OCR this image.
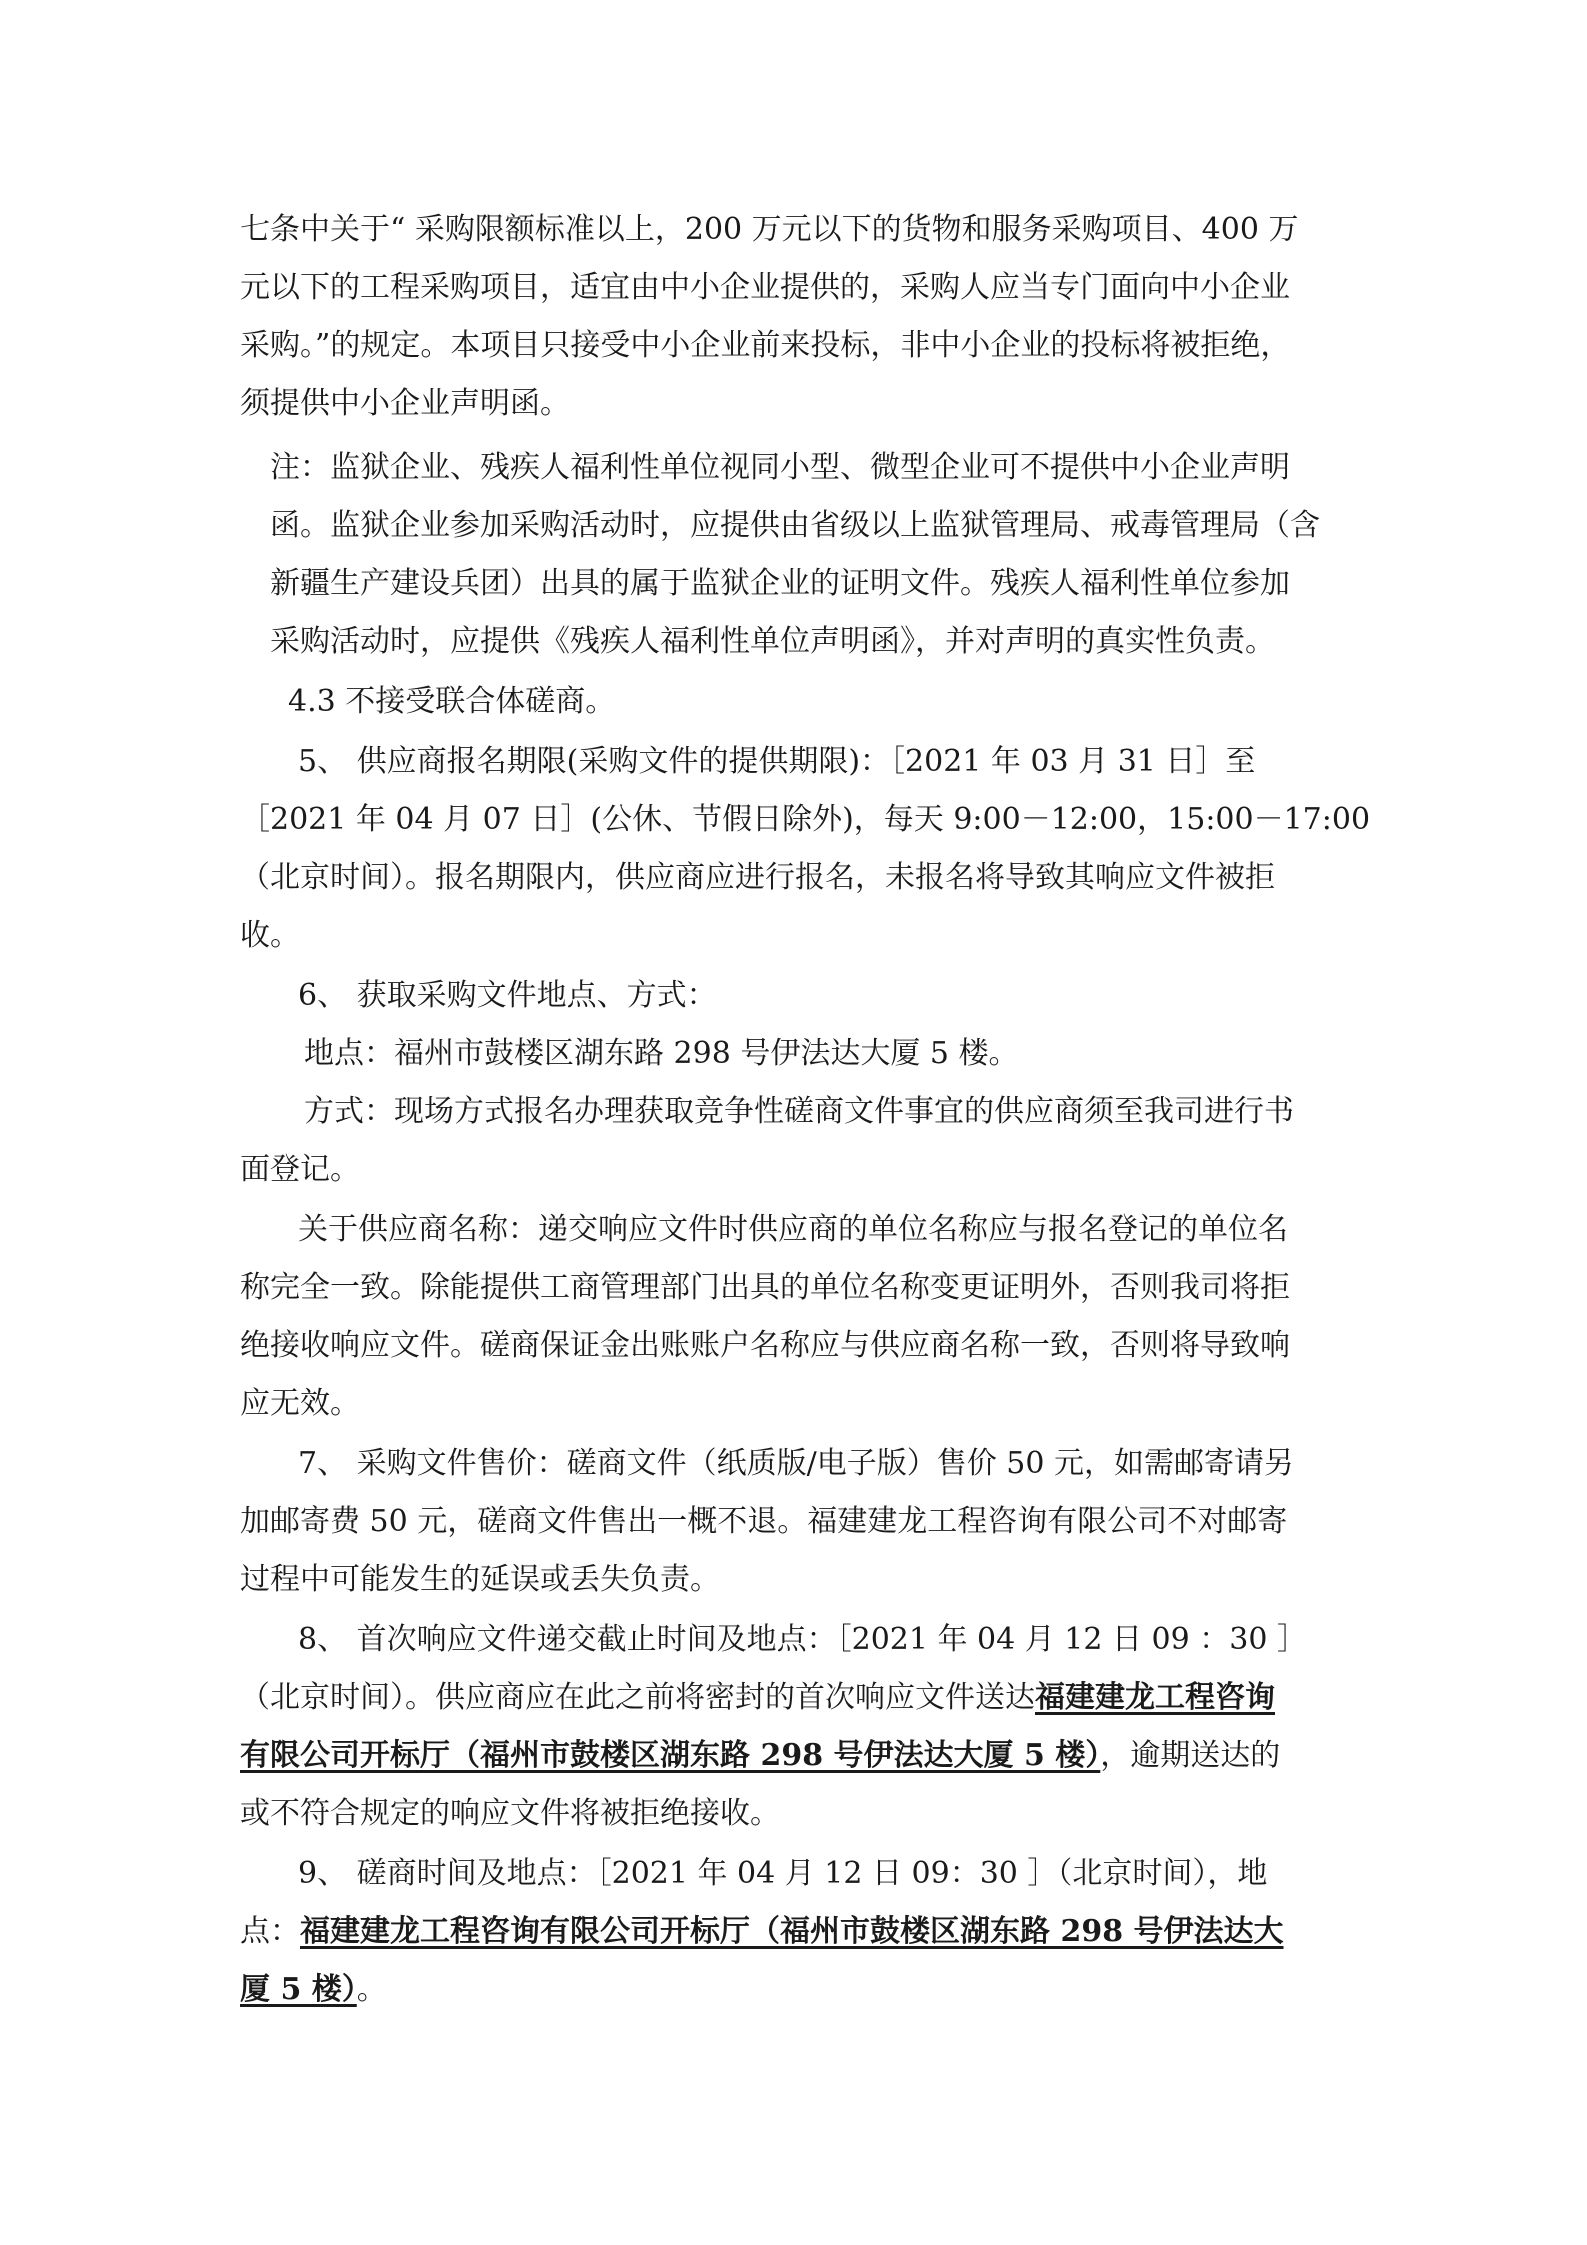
七条中关于“ 采购限额标准以上，200 万元以下的货物和服务采购项目、400 万
元以下的工程采购项目，适宜由中小企业提供的，采购人应当专门面向中小企业
采购。”的规定。本项目只接受中小企业前来投标，非中小企业的投标将被拒绝，
须提供中小企业声明函。
注：监狱企业、残疾人福利性单位视同小型、微型企业可不提供中小企业声明
函。监狱企业参加采购活动时，应提供由省级以上监狱管理局、戒毒管理局（含
新疆生产建设兵团）出具的属于监狱企业的证明文件。残疾人福利性单位参加
采购活动时，应提供《残疾人福利性单位声明函》，并对声明的真实性负责。
4.3 不接受联合体磋商。
5、 供应商报名期限(采购文件的提供期限)：［2021 年 03 月 31 日］至
［2021 年 04 月 07 日］(公休、节假日除外)，每天 9:00－12:00，15:00－17:00
（北京时间）。报名期限内，供应商应进行报名，未报名将导致其响应文件被拒
收。
6、 获取采购文件地点、方式：
地点：福州市鼓楼区湖东路 298 号伊法达大厦 5 楼。
方式：现场方式报名办理获取竞争性磋商文件事宜的供应商须至我司进行书
面登记。
关于供应商名称：递交响应文件时供应商的单位名称应与报名登记的单位名
称完全一致。除能提供工商管理部门出具的单位名称变更证明外，否则我司将拒
绝接收响应文件。磋商保证金出账账户名称应与供应商名称一致，否则将导致响
应无效。
7、 采购文件售价：磋商文件（纸质版/电子版）售价 50 元，如需邮寄请另
加邮寄费 50 元，磋商文件售出一概不退。福建建龙工程咨询有限公司不对邮寄
过程中可能发生的延误或丢失负责。
8、 首次响应文件递交截止时间及地点：［2021 年 04 月 12 日 09 ：30 ］
（北京时间）。供应商应在此之前将密封的首次响应文件送达福建建龙工程咨询
有限公司开标厅（福州市鼓楼区湖东路 298 号伊法达大厦 5 楼），逾期送达的
或不符合规定的响应文件将被拒绝接收。
9、 磋商时间及地点：［2021 年 04 月 12 日 09：30 ］（北京时间），地
点：福建建龙工程咨询有限公司开标厅（福州市鼓楼区湖东路 298 号伊法达大
厦 5 楼）。
